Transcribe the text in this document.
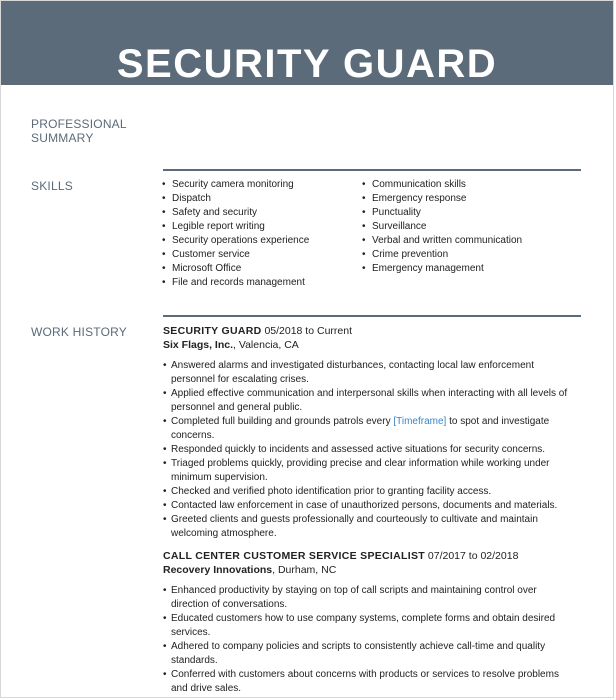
SECURITY GUARD
PROFESSIONAL SUMMARY
SKILLS	• Security camera monitoring
• Dispatch
• Safety and security
• Legible report writing
• Security operations experience
• Customer service
• Microsoft Office
• File and records management
• Communication skills
• Emergency response
• Punctuality
• Surveillance
• Verbal and written communication
• Crime prevention
• Emergency management
WORK HISTORY	SECURITY GUARD 05/2018 to Current
Six Flags, Inc., Valencia, CA
• Answered alarms and investigated disturbances, contacting local law enforcement
personnel for escalating crises.
• Applied effective communication and interpersonal skills when interacting with all levels of
personnel and general public.
• Completed full building and grounds patrols every [Timeframe] to spot and investigate
concerns.
• Responded quickly to incidents and assessed active situations for security concerns.
• Triaged problems quickly, providing precise and clear information while working under
minimum supervision.
• Checked and verified photo identification prior to granting facility access.
• Contacted law enforcement in case of unauthorized persons, documents and materials.
• Greeted clients and guests professionally and courteously to cultivate and maintain
welcoming atmosphere.
CALL CENTER CUSTOMER SERVICE SPECIALIST 07/2017 to 02/2018
Recovery Innovations, Durham, NC
• Enhanced productivity by staying on top of call scripts and maintaining control over
direction of conversations.
• Educated customers how to use company systems, complete forms and obtain desired
services.
• Adhered to company policies and scripts to consistently achieve call-time and quality
standards.
• Conferred with customers about concerns with products or services to resolve problems
and drive sales.
